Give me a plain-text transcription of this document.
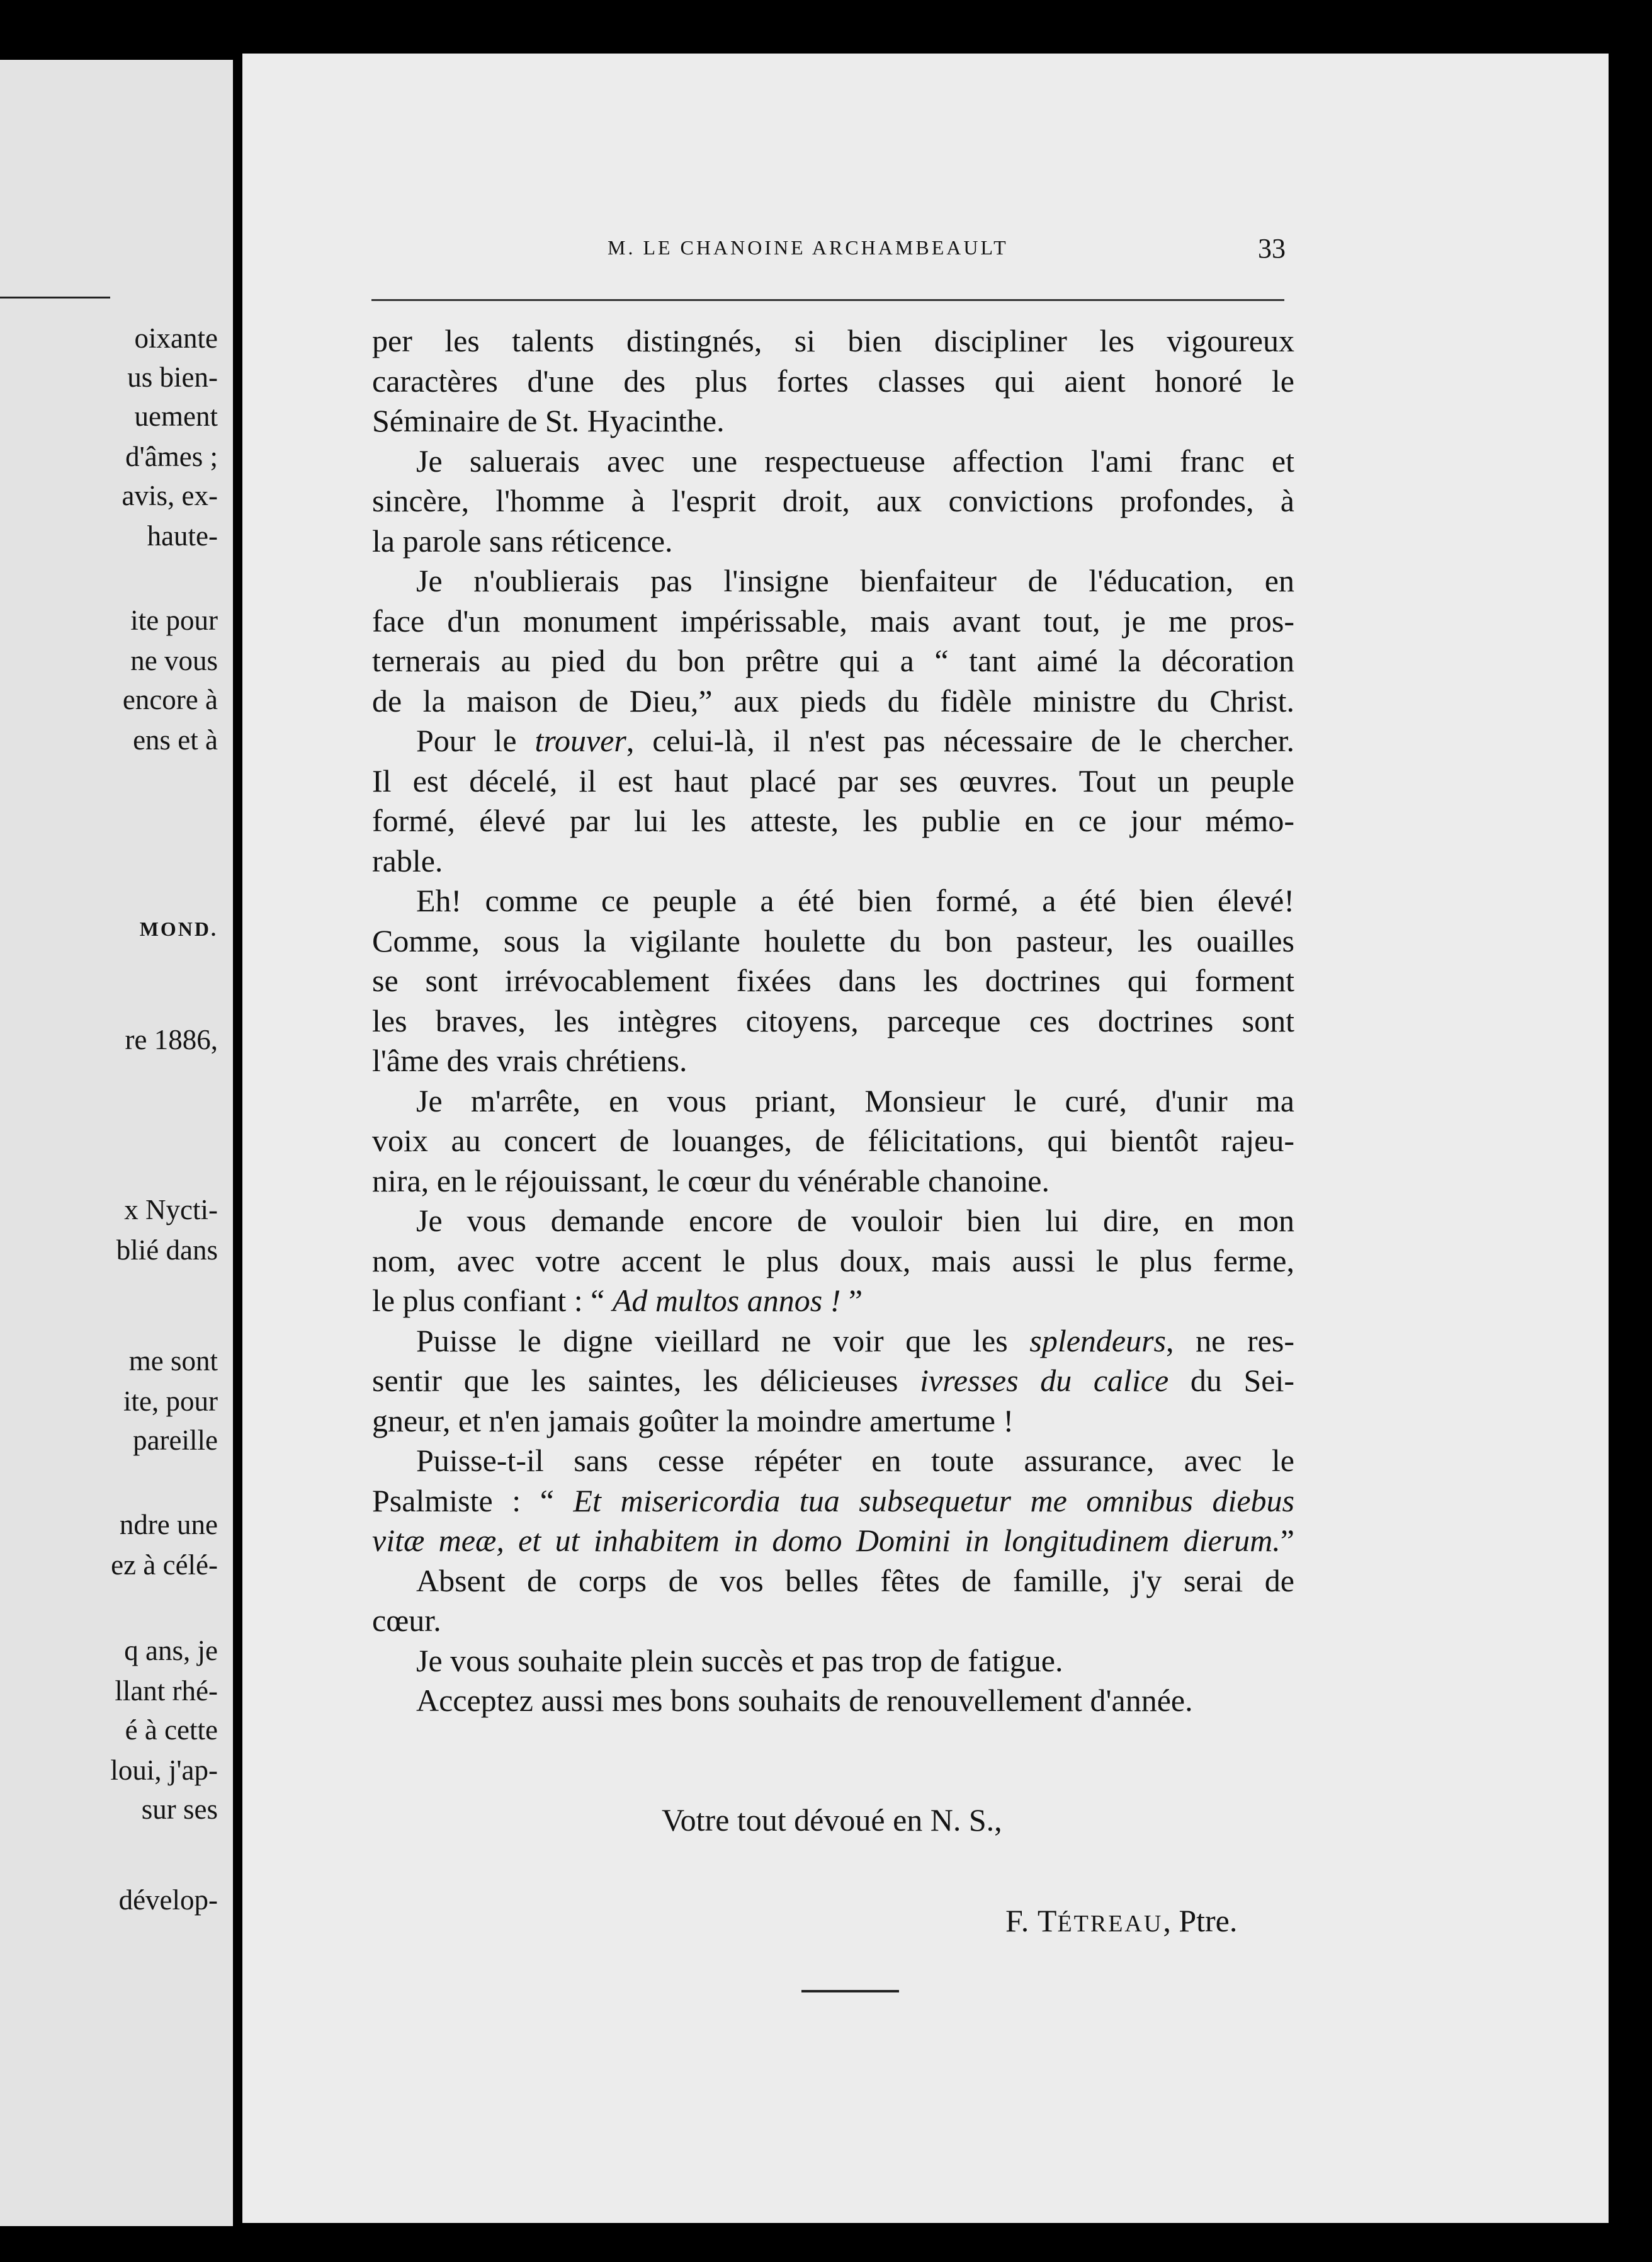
oixante
us bien-
uement
d'âmes ;
avis, ex-
haute-
ite pour
ne vous
encore à
ens et à
MOND.
re 1886,
x Nycti-
blié dans
me sont
ite, pour
pareille
ndre une
ez à célé-
q ans, je
llant rhé-
é à cette
loui, j'ap-
sur ses
dévelop-
M. LE CHANOINE ARCHAMBEAULT	33
per les talents distingnés, si bien discipliner les vigoureux
caractères d'une des plus fortes classes qui aient honoré le
Séminaire de St. Hyacinthe.
Je saluerais avec une respectueuse affection l'ami franc et
sincère, l'homme à l'esprit droit, aux convictions profondes, à
la parole sans réticence.
Je n'oublierais pas l'insigne bienfaiteur de l'éducation, en
face d'un monument impérissable, mais avant tout, je me pros-
ternerais au pied du bon prêtre qui a “ tant aimé la décoration
de la maison de Dieu,” aux pieds du fidèle ministre du Christ.
Pour le trouver, celui-là, il n'est pas nécessaire de le chercher.
Il est décelé, il est haut placé par ses œuvres. Tout un peuple
formé, élevé par lui les atteste, les publie en ce jour mémo-
rable.
Eh! comme ce peuple a été bien formé, a été bien élevé!
Comme, sous la vigilante houlette du bon pasteur, les ouailles
se sont irrévocablement fixées dans les doctrines qui forment
les braves, les intègres citoyens, parceque ces doctrines sont
l'âme des vrais chrétiens.
Je m'arrête, en vous priant, Monsieur le curé, d'unir ma
voix au concert de louanges, de félicitations, qui bientôt rajeu-
nira, en le réjouissant, le cœur du vénérable chanoine.
Je vous demande encore de vouloir bien lui dire, en mon
nom, avec votre accent le plus doux, mais aussi le plus ferme,
le plus confiant : “ Ad multos annos ! ”
Puisse le digne vieillard ne voir que les splendeurs, ne res-
sentir que les saintes, les délicieuses ivresses du calice du Sei-
gneur, et n'en jamais goûter la moindre amertume !
Puisse-t-il sans cesse répéter en toute assurance, avec le
Psalmiste : “ Et misericordia tua subsequetur me omnibus diebus
vitæ meæ, et ut inhabitem in domo Domini in longitudinem dierum.”
Absent de corps de vos belles fêtes de famille, j'y serai de
cœur.
Je vous souhaite plein succès et pas trop de fatigue.
Acceptez aussi mes bons souhaits de renouvellement d'année.
Votre tout dévoué en N. S.,
F. TÉTREAU, Ptre.
